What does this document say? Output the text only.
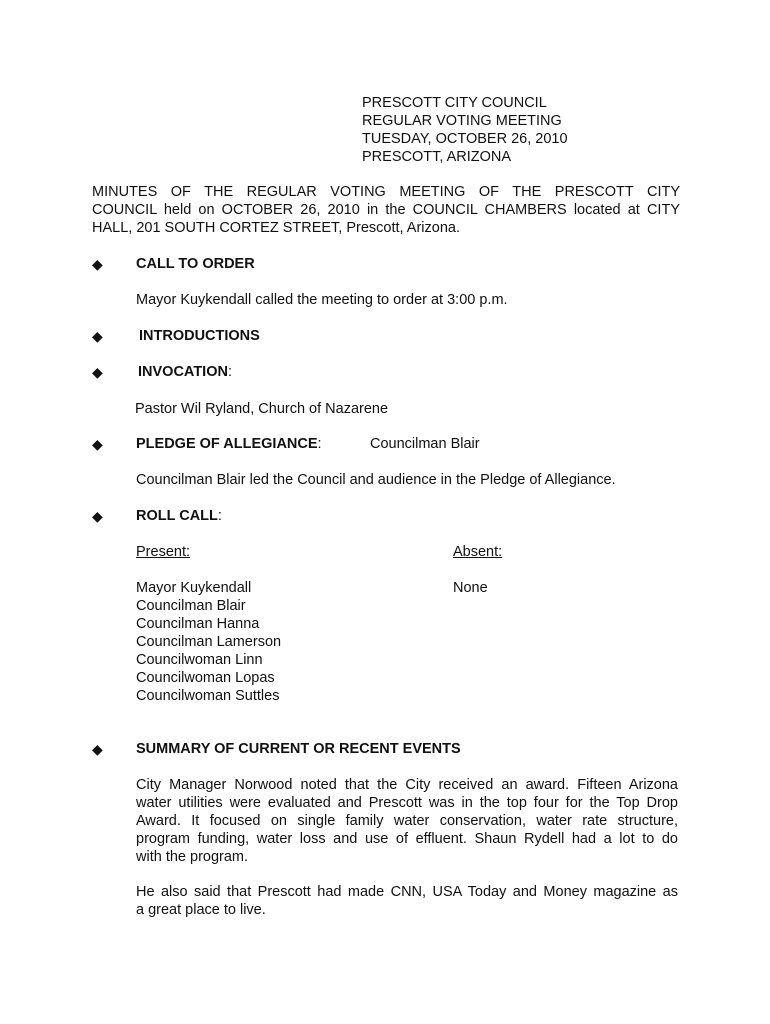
PRESCOTT CITY COUNCIL
REGULAR VOTING MEETING
TUESDAY, OCTOBER 26, 2010
PRESCOTT, ARIZONA
MINUTES OF THE REGULAR VOTING MEETING OF THE PRESCOTT CITY
COUNCIL held on OCTOBER 26, 2010 in the COUNCIL CHAMBERS located at CITY
HALL, 201 SOUTH CORTEZ STREET, Prescott, Arizona.
◆ CALL TO ORDER
Mayor Kuykendall called the meeting to order at 3:00 p.m.
◆ INTRODUCTIONS
◆ INVOCATION:
Pastor Wil Ryland, Church of Nazarene
◆ PLEDGE OF ALLEGIANCE:	Councilman Blair
Councilman Blair led the Council and audience in the Pledge of Allegiance.
◆ ROLL CALL:
Present:	Absent:
Mayor Kuykendall
Councilman Blair
Councilman Hanna
Councilman Lamerson
Councilwoman Linn
Councilwoman Lopas
Councilwoman Suttles
None
◆ SUMMARY OF CURRENT OR RECENT EVENTS
City Manager Norwood noted that the City received an award. Fifteen Arizona
water utilities were evaluated and Prescott was in the top four for the Top Drop
Award. It focused on single family water conservation, water rate structure,
program funding, water loss and use of effluent. Shaun Rydell had a lot to do
with the program.
He also said that Prescott had made CNN, USA Today and Money magazine as
a great place to live.
